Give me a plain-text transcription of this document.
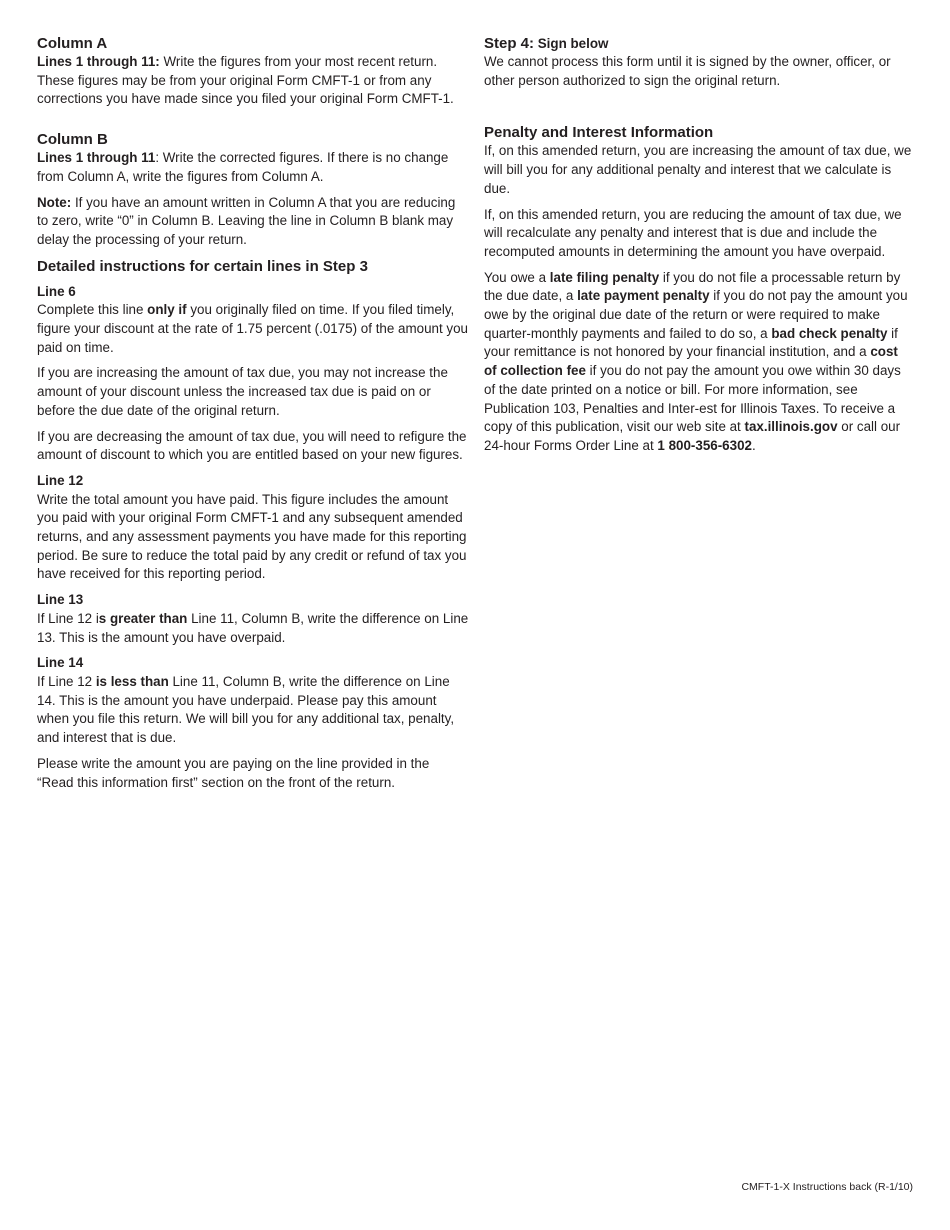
Column A

Lines 1 through 11: Write the figures from your most recent return. These figures may be from your original Form CMFT-1 or from any corrections you have made since you filed your original Form CMFT-1.

Column B

Lines 1 through 11: Write the corrected figures. If there is no change from Column A, write the figures from Column A.

Note: If you have an amount written in Column A that you are reducing to zero, write “0” in Column B. Leaving the line in Column B blank may delay the processing of your return.

Detailed instructions for certain lines in Step 3
Line 6

Complete this line only if you originally filed on time. If you filed timely, figure your discount at the rate of 1.75 percent (.0175) of the amount you paid on time.

If you are increasing the amount of tax due, you may not increase the amount of your discount unless the increased tax due is paid on or before the due date of the original return.

If you are decreasing the amount of tax due, you will need to refigure the amount of discount to which you are entitled based on your new figures.

Line 12

Write the total amount you have paid. This figure includes the amount you paid with your original Form CMFT-1 and any subsequent amended returns, and any assessment payments you have made for this reporting period. Be sure to reduce the total paid by any credit or refund of tax you have received for this reporting period.

Line 13

If Line 12 is greater than Line 11, Column B, write the difference on Line 13. This is the amount you have overpaid.

Line 14

If Line 12 is less than Line 11, Column B, write the difference on Line 14. This is the amount you have underpaid. Please pay this amount when you file this return. We will bill you for any additional tax, penalty, and interest that is due.

Please write the amount you are paying on the line provided in the “Read this information first” section on the front of the return.

Step 4: Sign below

We cannot process this form until it is signed by the owner, officer, or other person authorized to sign the original return.

Penalty and Interest Information

If, on this amended return, you are increasing the amount of tax due, we will bill you for any additional penalty and interest that we calculate is due.

If, on this amended return, you are reducing the amount of tax due, we will recalculate any penalty and interest that is due and include the recomputed amounts in determining the amount you have overpaid.

You owe a late filing penalty if you do not file a processable return by the due date, a late payment penalty if you do not pay the amount you owe by the original due date of the return or were required to make quarter-monthly payments and failed to do so, a bad check penalty if your remittance is not honored by your financial institution, and a cost of collection fee if you do not pay the amount you owe within 30 days of the date printed on a notice or bill. For more information, see Publication 103, Penalties and Inter-est for Illinois Taxes. To receive a copy of this publication, visit our web site at tax.illinois.gov or call our 24-hour Forms Order Line at 1 800-356-6302.

CMFT-1-X Instructions back (R-1/10)
